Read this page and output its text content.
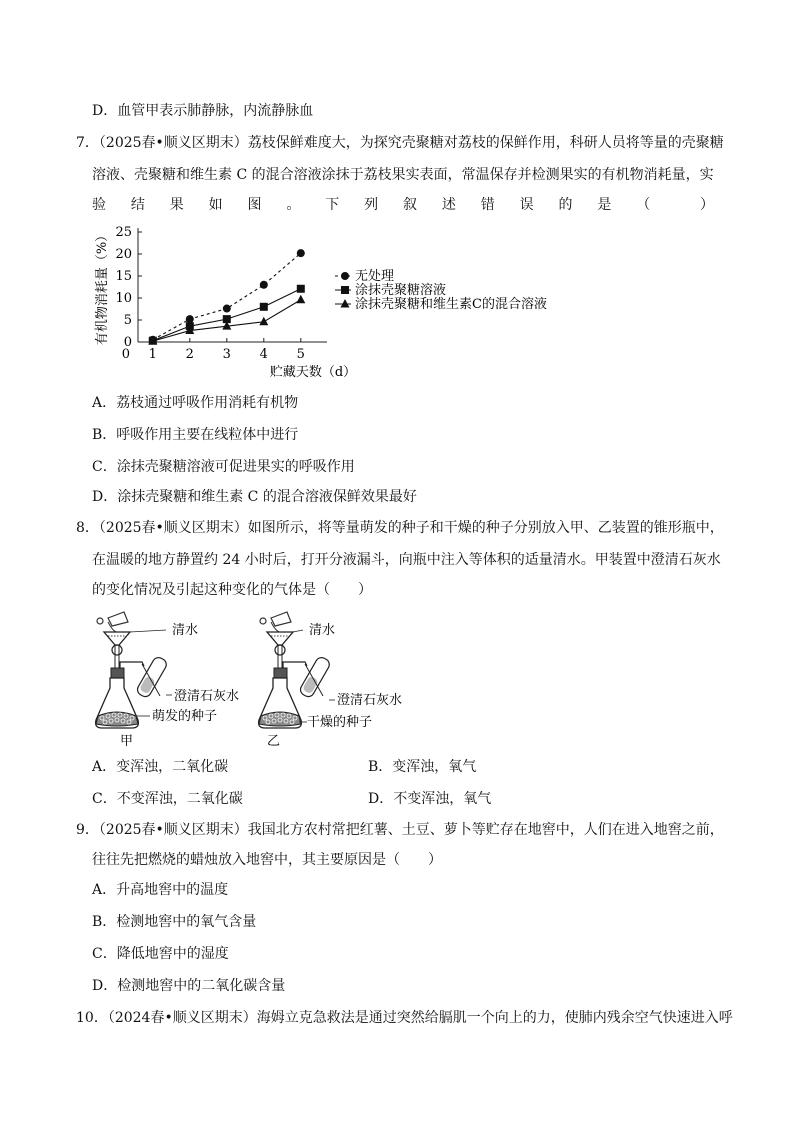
D．血管甲表示肺静脉，内流静脉血
7．（2025春•顺义区期末）荔枝保鲜难度大，为探究壳聚糖对荔枝的保鲜作用，科研人员将等量的壳聚糖
溶液、壳聚糖和维生素 C 的混合溶液涂抹于荔枝果实表面，常温保存并检测果实的有机物消耗量，实
验 结 果 如 图 。 下 列 叙 述 错 误 的 是 （	）
0
5
10
15
20
25
1 2 3 4 5
0
有机物消耗量（%）
贮藏天数（d）
无处理
涂抹壳聚糖溶液
涂抹壳聚糖和维生素C的混合溶液
A．荔枝通过呼吸作用消耗有机物
B．呼吸作用主要在线粒体中进行
C．涂抹壳聚糖溶液可促进果实的呼吸作用
D．涂抹壳聚糖和维生素 C 的混合溶液保鲜效果最好
8．（2025春•顺义区期末）如图所示，将等量萌发的种子和干燥的种子分别放入甲、乙装置的锥形瓶中，
在温暖的地方静置约 24 小时后，打开分液漏斗，向瓶中注入等体积的适量清水。甲装置中澄清石灰水
的变化情况及引起这种变化的气体是（　　）
清水
澄清石灰水
萌发的种子
甲
清水
澄清石灰水
干燥的种子
乙
A．变浑浊，二氧化碳	B．变浑浊，氧气
C．不变浑浊，二氧化碳	D．不变浑浊，氧气
9．（2025春•顺义区期末）我国北方农村常把红薯、土豆、萝卜等贮存在地窖中，人们在进入地窖之前，
往往先把燃烧的蜡烛放入地窖中，其主要原因是（　　）
A．升高地窖中的温度
B．检测地窖中的氧气含量
C．降低地窖中的湿度
D．检测地窖中的二氧化碳含量
10．（2024春•顺义区期末）海姆立克急救法是通过突然给膈肌一个向上的力，使肺内残余空气快速进入呼
